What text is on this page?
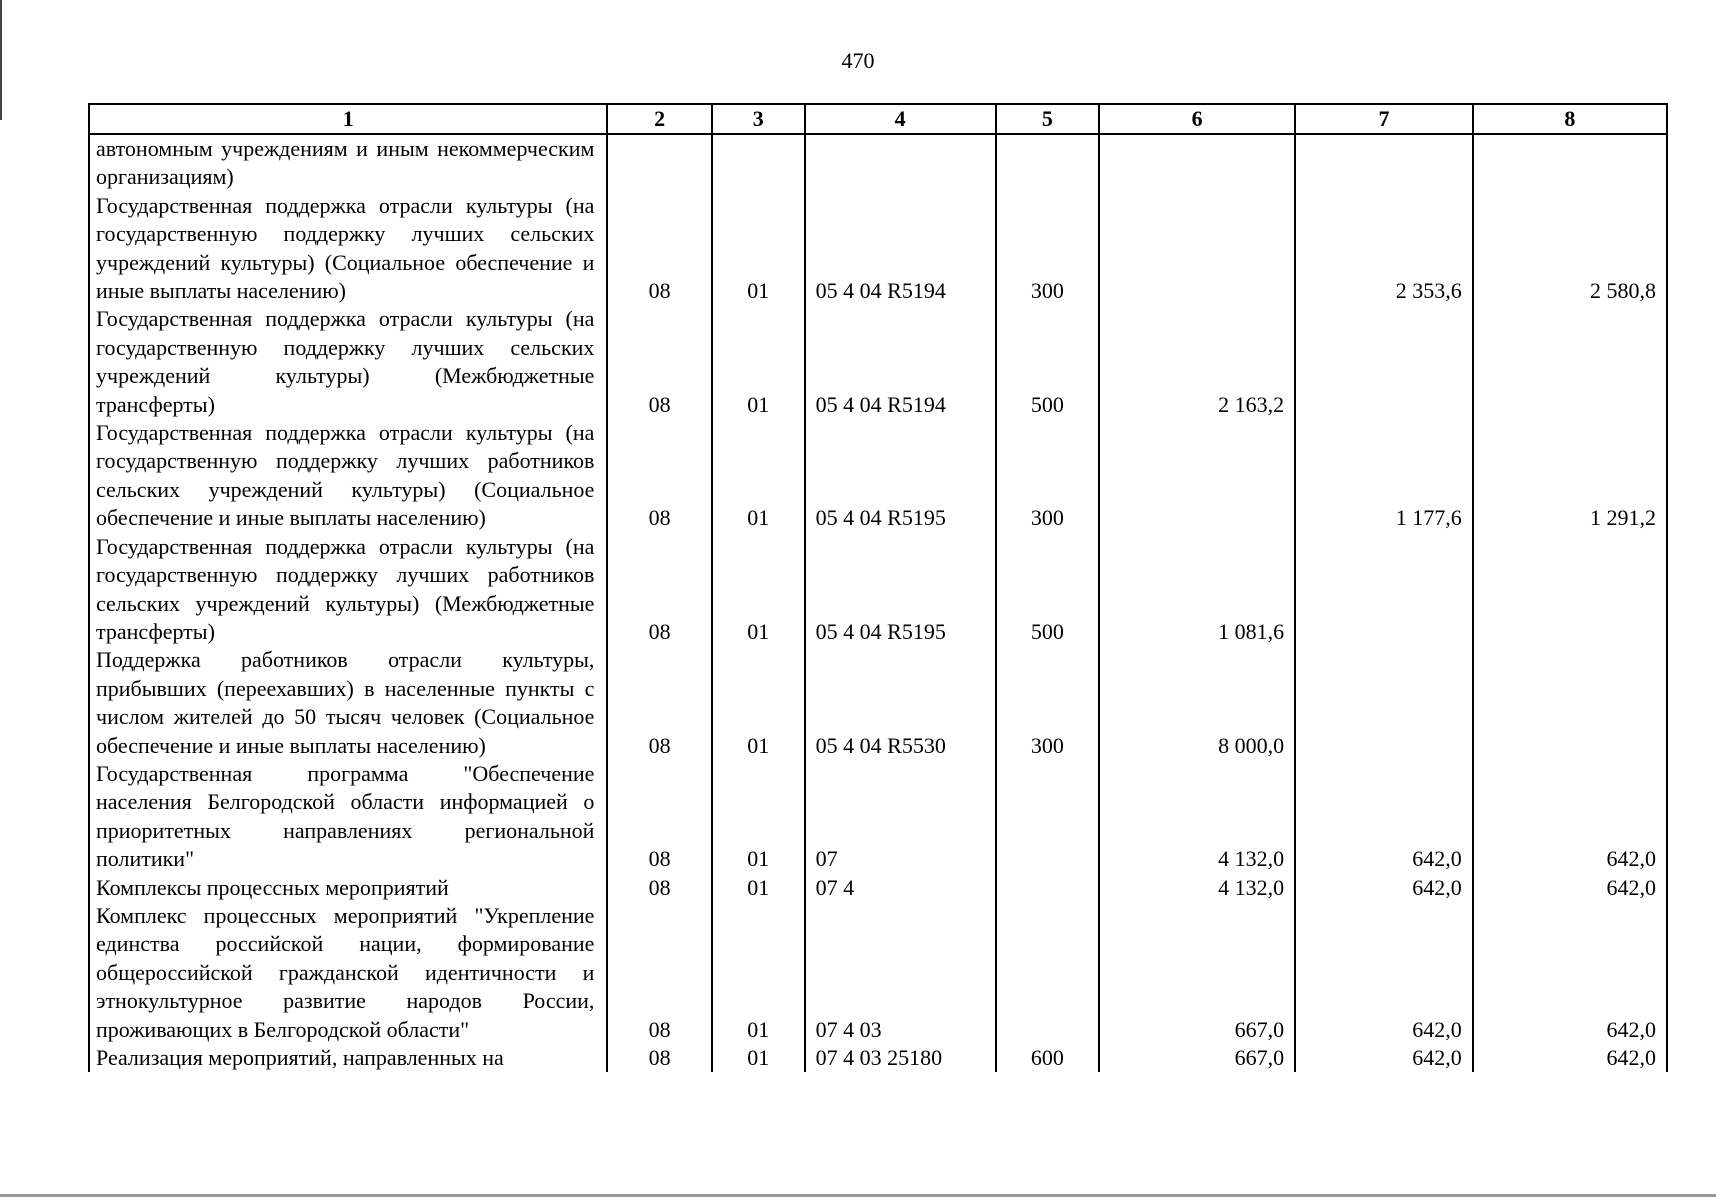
470
1	2	3	4	5	6	7	8
автономным учреждениям и иным некоммерческим организациям)							
Государственная поддержка отрасли культуры (на государственную поддержку лучших сельских учреждений культуры) (Социальное обеспечение и иные выплаты населению)	08	01	05 4 04 R5194	300		2 353,6	2 580,8
Государственная поддержка отрасли культуры (на государственную поддержку лучших сельских учреждений культуры) (Межбюджетные трансферты)	08	01	05 4 04 R5194	500	2 163,2		
Государственная поддержка отрасли культуры (на государственную поддержку лучших работников сельских учреждений культуры) (Социальное обеспечение и иные выплаты населению)	08	01	05 4 04 R5195	300		1 177,6	1 291,2
Государственная поддержка отрасли культуры (на государственную поддержку лучших работников сельских учреждений культуры) (Межбюджетные трансферты)	08	01	05 4 04 R5195	500	1 081,6		
Поддержка работников отрасли культуры, прибывших (переехавших) в населенные пункты с числом жителей до 50 тысяч человек (Социальное обеспечение и иные выплаты населению)	08	01	05 4 04 R5530	300	8 000,0		
Государственная программа "Обеспечение населения Белгородской области информацией о приоритетных направлениях региональной политики"	08	01	07		4 132,0	642,0	642,0
Комплексы процессных мероприятий	08	01	07 4		4 132,0	642,0	642,0
Комплекс процессных мероприятий "Укрепление единства российской нации, формирование общероссийской гражданской идентичности и этнокультурное развитие народов России, проживающих в Белгородской области"	08	01	07 4 03		667,0	642,0	642,0
Реализация мероприятий, направленных на	08	01	07 4 03 25180	600	667,0	642,0	642,0
